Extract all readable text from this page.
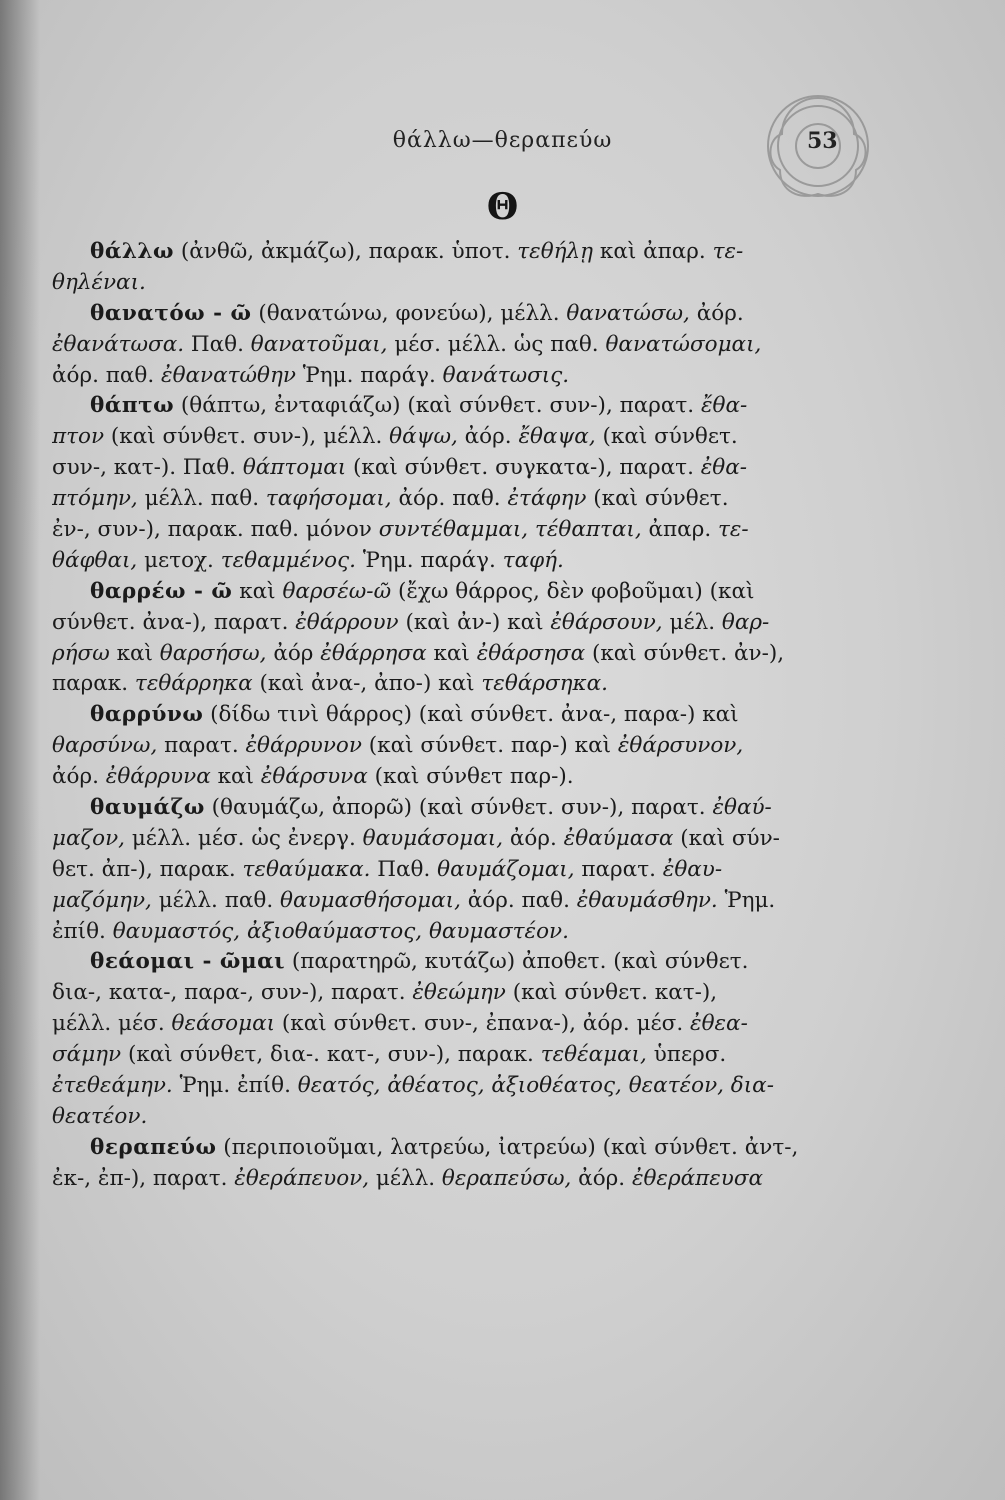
θάλλω—θεραπεύω	53
Θ
θάλλω (ἀνθῶ, ἀκμάζω), παρακ. ὑποτ. τεθήλῃ καὶ ἀπαρ. τε-
θηλέναι.
θανατόω - ῶ (θανατώνω, φονεύω), μέλλ. θανατώσω, ἀόρ.
ἐθανάτωσα. Παθ. θανατοῦμαι, μέσ. μέλλ. ὡς παθ. θανατώσομαι,
ἀόρ. παθ. ἐθανατώθην Ῥημ. παράγ. θανάτωσις.
θάπτω (θάπτω, ἐνταφιάζω) (καὶ σύνθετ. συν-), παρατ. ἔθα-
πτον (καὶ σύνθετ. συν-), μέλλ. θάψω, ἀόρ. ἔθαψα, (καὶ σύνθετ.
συν-, κατ-). Παθ. θάπτομαι (καὶ σύνθετ. συγκατα-), παρατ. ἐθα-
πτόμην, μέλλ. παθ. ταφήσομαι, ἀόρ. παθ. ἐτάφην (καὶ σύνθετ.
ἐν-, συν-), παρακ. παθ. μόνον συντέθαμμαι, τέθαπται, ἀπαρ. τε-
θάφθαι, μετοχ. τεθαμμένος. Ῥημ. παράγ. ταφή.
θαρρέω - ῶ καὶ θαρσέω-ῶ (ἔχω θάρρος, δὲν φοβοῦμαι) (καὶ
σύνθετ. ἀνα-), παρατ. ἐθάρρουν (καὶ ἀν-) καὶ ἐθάρσουν, μέλ. θαρ-
ρήσω καὶ θαρσήσω, ἀόρ ἐθάρρησα καὶ ἐθάρσησα (καὶ σύνθετ. ἀν-),
παρακ. τεθάρρηκα (καὶ ἀνα-, ἀπο-) καὶ τεθάρσηκα.
θαρρύνω (δίδω τινὶ θάρρος) (καὶ σύνθετ. ἀνα-, παρα-) καὶ
θαρσύνω, παρατ. ἐθάρρυνον (καὶ σύνθετ. παρ-) καὶ ἐθάρσυνον,
ἀόρ. ἐθάρρυνα καὶ ἐθάρσυνα (καὶ σύνθετ παρ-).
θαυμάζω (θαυμάζω, ἀπορῶ) (καὶ σύνθετ. συν-), παρατ. ἐθαύ-
μαζον, μέλλ. μέσ. ὡς ἐνεργ. θαυμάσομαι, ἀόρ. ἐθαύμασα (καὶ σύν-
θετ. ἀπ-), παρακ. τεθαύμακα. Παθ. θαυμάζομαι, παρατ. ἐθαυ-
μαζόμην, μέλλ. παθ. θαυμασθήσομαι, ἀόρ. παθ. ἐθαυμάσθην. Ῥημ.
ἐπίθ. θαυμαστός, ἀξιοθαύμαστος, θαυμαστέον.
θεάομαι - ῶμαι (παρατηρῶ, κυτάζω) ἀποθετ. (καὶ σύνθετ.
δια-, κατα-, παρα-, συν-), παρατ. ἐθεώμην (καὶ σύνθετ. κατ-),
μέλλ. μέσ. θεάσομαι (καὶ σύνθετ. συν-, ἐπανα-), ἀόρ. μέσ. ἐθεα-
σάμην (καὶ σύνθετ, δια-. κατ-, συν-), παρακ. τεθέαμαι, ὑπερσ.
ἐτεθεάμην. Ῥημ. ἐπίθ. θεατός, ἀθέατος, ἀξιοθέατος, θεατέον, δια-
θεατέον.
θεραπεύω (περιποιοῦμαι, λατρεύω, ἰατρεύω) (καὶ σύνθετ. ἀντ-,
ἐκ-, ἐπ-), παρατ. ἐθεράπευον, μέλλ. θεραπεύσω, ἀόρ. ἐθεράπευσα
